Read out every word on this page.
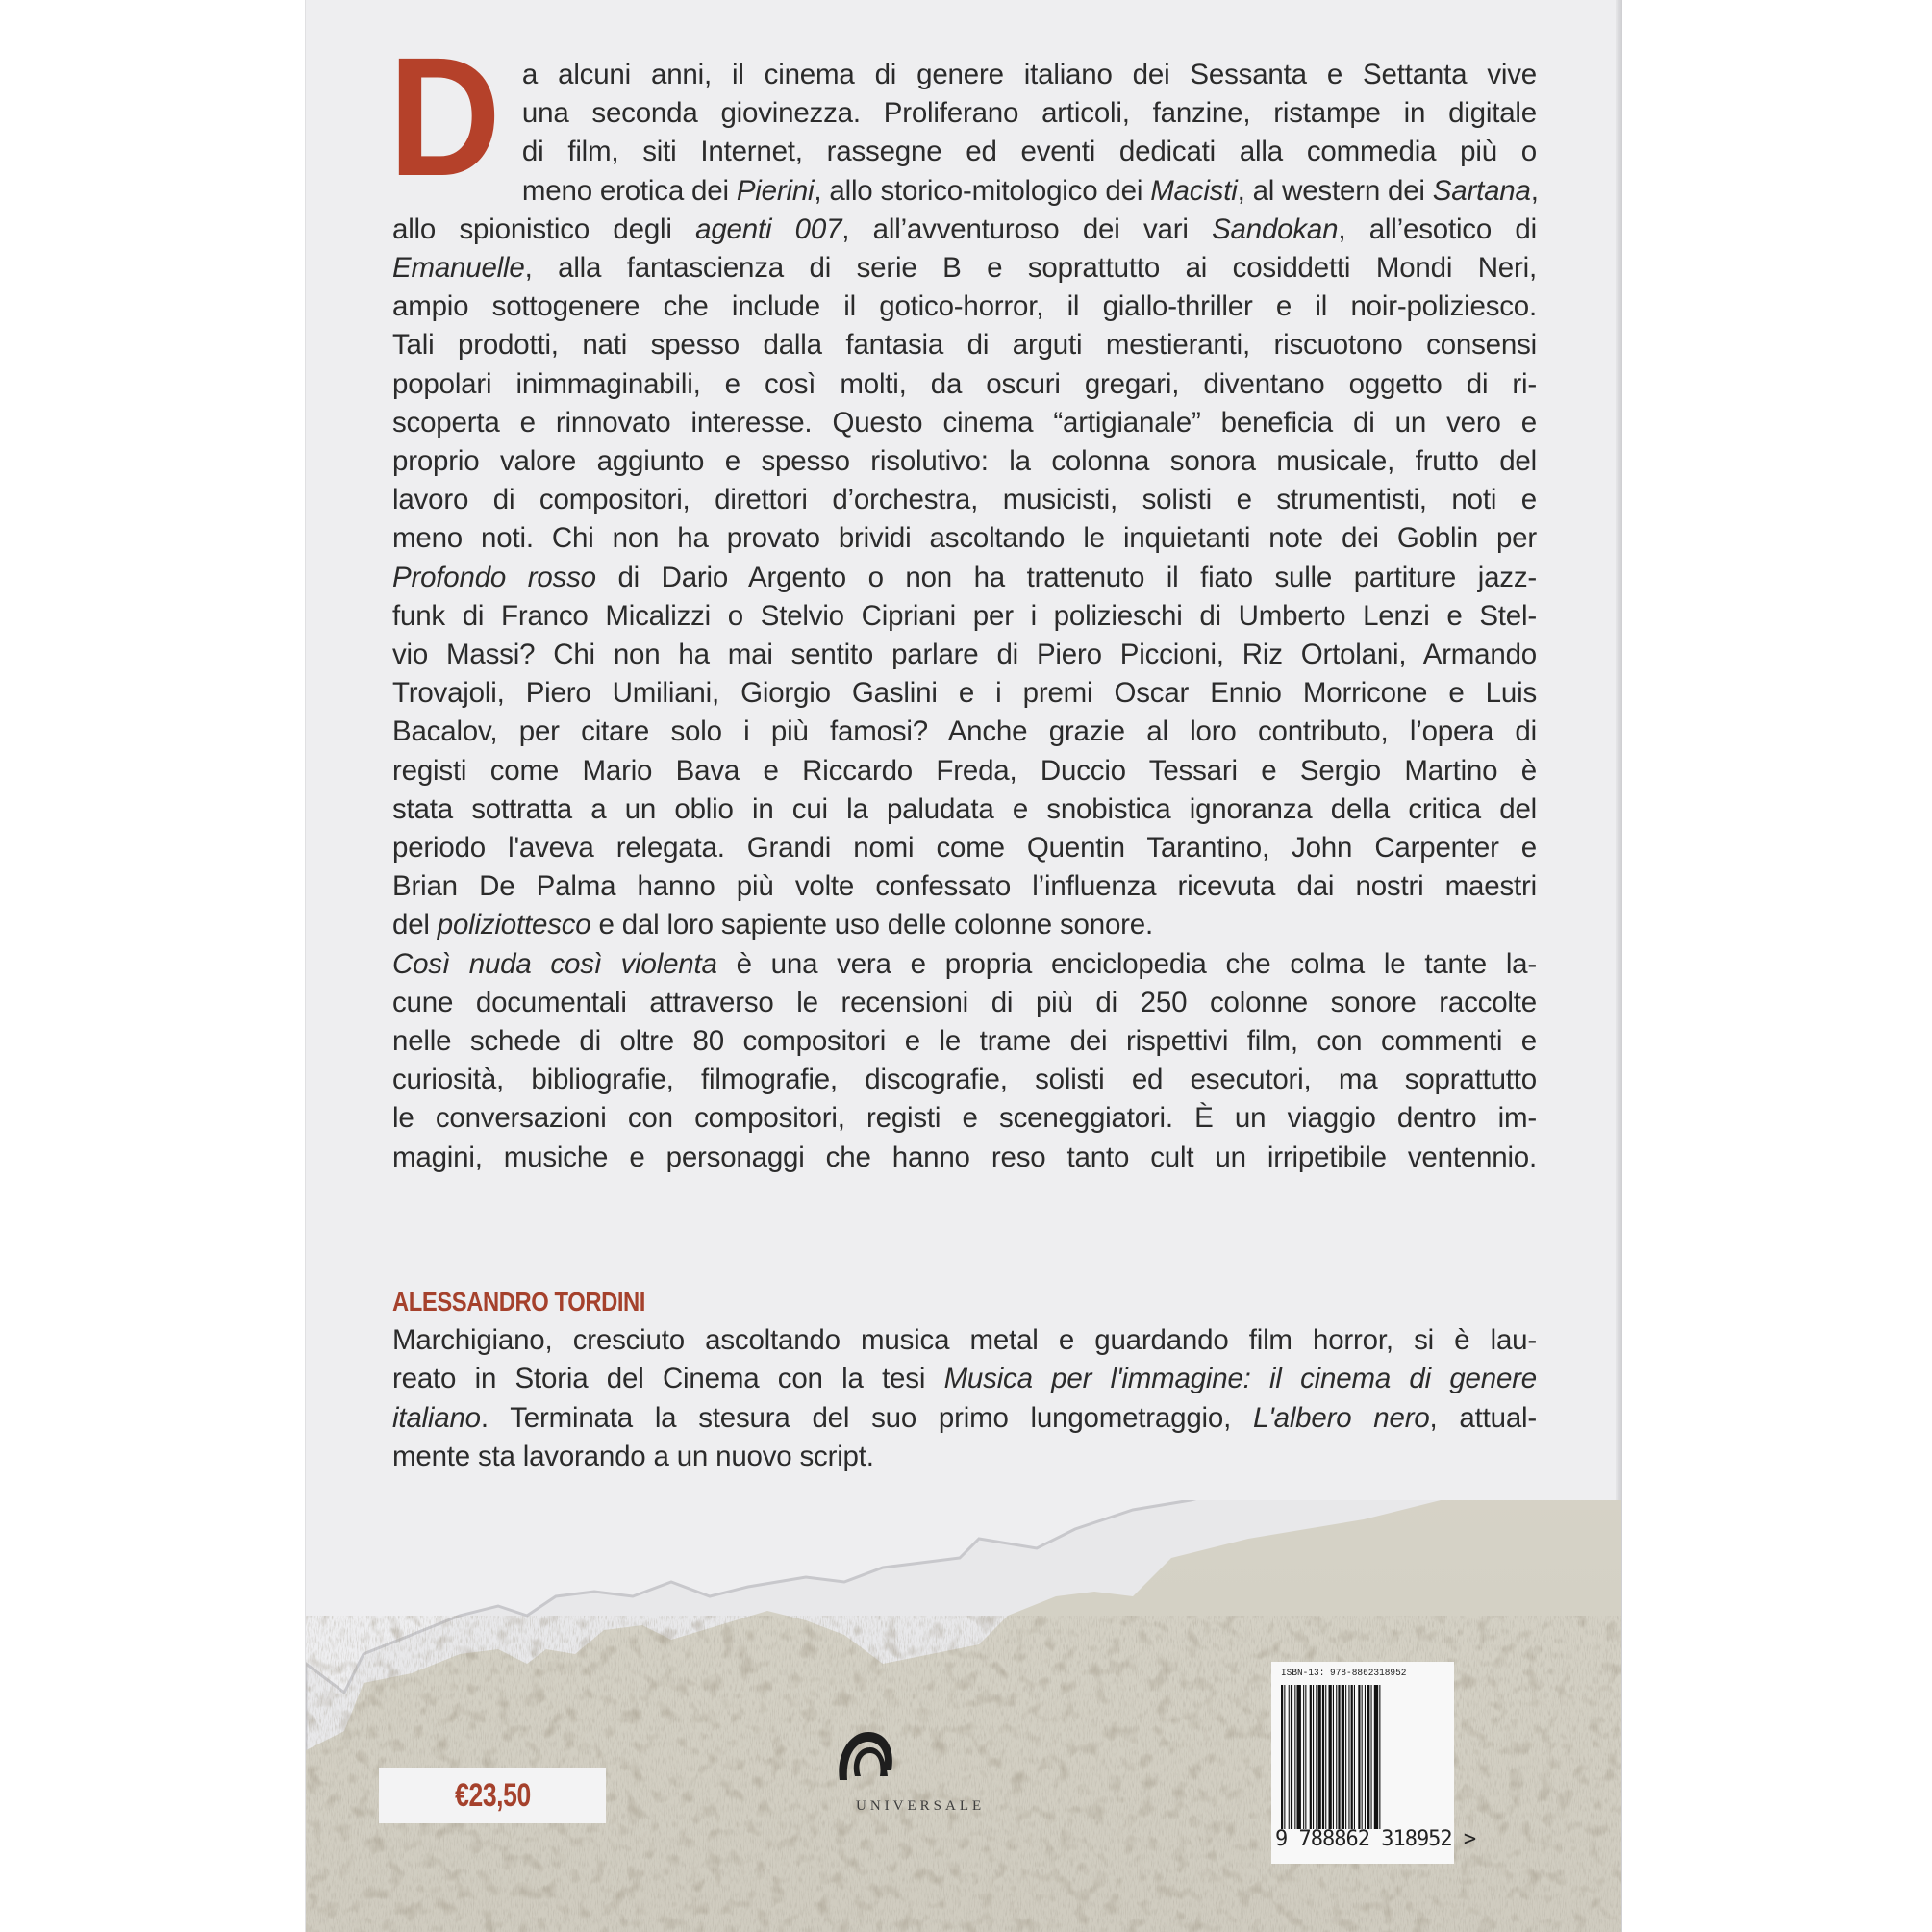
D a alcuni anni, il cinema di genere italiano dei Sessanta e Settanta vive
una seconda giovinezza. Proliferano articoli, fanzine, ristampe in digitale
di film, siti Internet, rassegne ed eventi dedicati alla commedia più o
meno erotica dei Pierini, allo storico-mitologico dei Macisti, al western dei Sartana,
allo spionistico degli agenti 007, all’avventuroso dei vari Sandokan, all’esotico di
Emanuelle, alla fantascienza di serie B e soprattutto ai cosiddetti Mondi Neri,
ampio sottogenere che include il gotico-horror, il giallo-thriller e il noir-poliziesco.
Tali prodotti, nati spesso dalla fantasia di arguti mestieranti, riscuotono consensi
popolari inimmaginabili, e così molti, da oscuri gregari, diventano oggetto di ri-
scoperta e rinnovato interesse. Questo cinema “artigianale” beneficia di un vero e
proprio valore aggiunto e spesso risolutivo: la colonna sonora musicale, frutto del
lavoro di compositori, direttori d’orchestra, musicisti, solisti e strumentisti, noti e
meno noti. Chi non ha provato brividi ascoltando le inquietanti note dei Goblin per
Profondo rosso di Dario Argento o non ha trattenuto il fiato sulle partiture jazz-
funk di Franco Micalizzi o Stelvio Cipriani per i polizieschi di Umberto Lenzi e Stel-
vio Massi? Chi non ha mai sentito parlare di Piero Piccioni, Riz Ortolani, Armando
Trovajoli, Piero Umiliani, Giorgio Gaslini e i premi Oscar Ennio Morricone e Luis
Bacalov, per citare solo i più famosi? Anche grazie al loro contributo, l’opera di
registi come Mario Bava e Riccardo Freda, Duccio Tessari e Sergio Martino è
stata sottratta a un oblio in cui la paludata e snobistica ignoranza della critica del
periodo l'aveva relegata. Grandi nomi come Quentin Tarantino, John Carpenter e
Brian De Palma hanno più volte confessato l’influenza ricevuta dai nostri maestri
del poliziottesco e dal loro sapiente uso delle colonne sonore.
Così nuda così violenta è una vera e propria enciclopedia che colma le tante la-
cune documentali attraverso le recensioni di più di 250 colonne sonore raccolte
nelle schede di oltre 80 compositori e le trame dei rispettivi film, con commenti e
curiosità, bibliografie, filmografie, discografie, solisti ed esecutori, ma soprattutto
le conversazioni con compositori, registi e sceneggiatori. È un viaggio dentro im-
magini, musiche e personaggi che hanno reso tanto cult un irripetibile ventennio.
ALESSANDRO TORDINI
Marchigiano, cresciuto ascoltando musica metal e guardando film horror, si è lau-
reato in Storia del Cinema con la tesi Musica per l'immagine: il cinema di genere
italiano. Terminata la stesura del suo primo lungometraggio, L'albero nero, attual-
mente sta lavorando a un nuovo script.
€23,50	UNIVERSALE
ISBN-13: 978-8862318952
9 788862 318952 >
